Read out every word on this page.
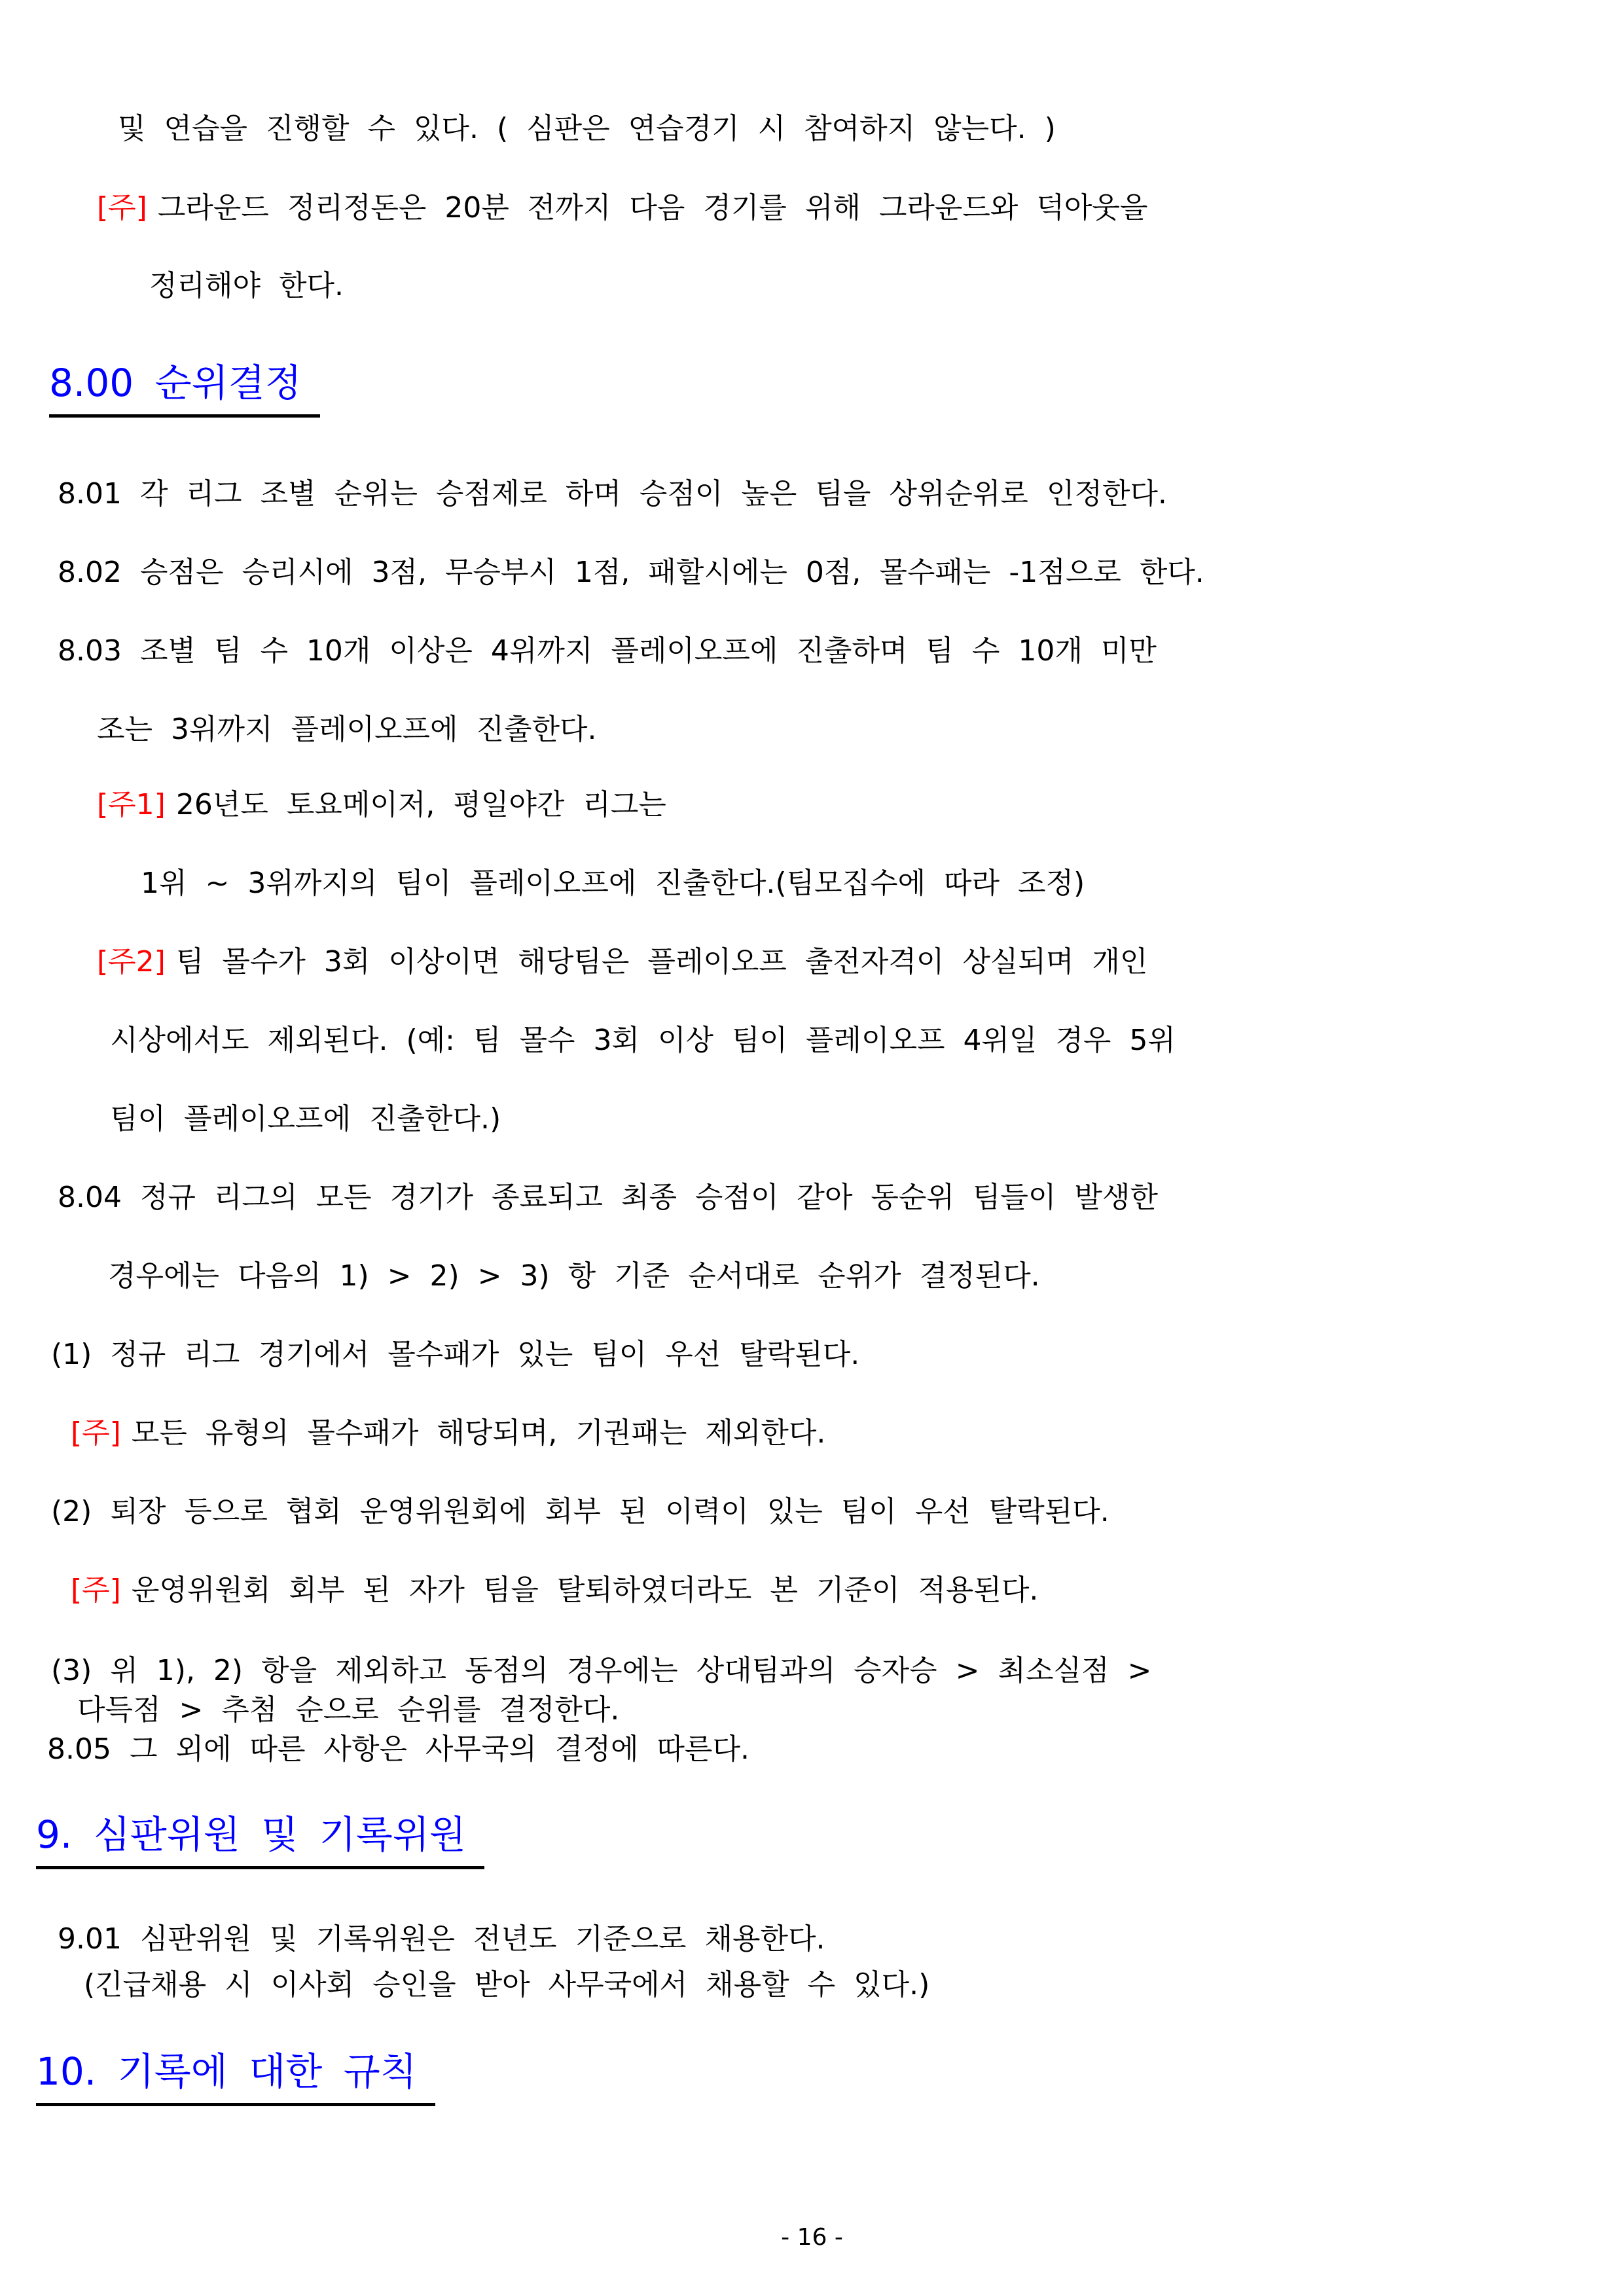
- 16 -
및 연습을 진행할 수 있다. ( 심판은 연습경기 시 참여하지 않는다. )
[주] 그라운드 정리정돈은 20분 전까지 다음 경기를 위해 그라운드와 덕아웃을
정리해야 한다.
8.00 순위결정
8.01 각 리그 조별 순위는 승점제로 하며 승점이 높은 팀을 상위순위로 인정한다.
8.02 승점은 승리시에 3점, 무승부시 1점, 패할시에는 0점, 몰수패는 -1점으로 한다.
8.03 조별 팀 수 10개 이상은 4위까지 플레이오프에 진출하며 팀 수 10개 미만
조는 3위까지 플레이오프에 진출한다.
[주1] 26년도 토요메이저, 평일야간 리그는
1위 ~ 3위까지의 팀이 플레이오프에 진출한다.(팀모집수에 따라 조정)
[주2] 팀 몰수가 3회 이상이면 해당팀은 플레이오프 출전자격이 상실되며 개인
시상에서도 제외된다. (예: 팀 몰수 3회 이상 팀이 플레이오프 4위일 경우 5위
팀이 플레이오프에 진출한다.)
8.04 정규 리그의 모든 경기가 종료되고 최종 승점이 같아 동순위 팀들이 발생한
경우에는 다음의 1) > 2) > 3) 항 기준 순서대로 순위가 결정된다.
(1) 정규 리그 경기에서 몰수패가 있는 팀이 우선 탈락된다.
[주] 모든 유형의 몰수패가 해당되며, 기권패는 제외한다.
(2) 퇴장 등으로 협회 운영위원회에 회부 된 이력이 있는 팀이 우선 탈락된다.
[주] 운영위원회 회부 된 자가 팀을 탈퇴하였더라도 본 기준이 적용된다.
(3) 위 1), 2) 항을 제외하고 동점의 경우에는 상대팀과의 승자승 > 최소실점 >
다득점 > 추첨 순으로 순위를 결정한다.
8.05 그 외에 따른 사항은 사무국의 결정에 따른다.
9. 심판위원 및 기록위원
9.01 심판위원 및 기록위원은 전년도 기준으로 채용한다.
(긴급채용 시 이사회 승인을 받아 사무국에서 채용할 수 있다.)
10. 기록에 대한 규칙
